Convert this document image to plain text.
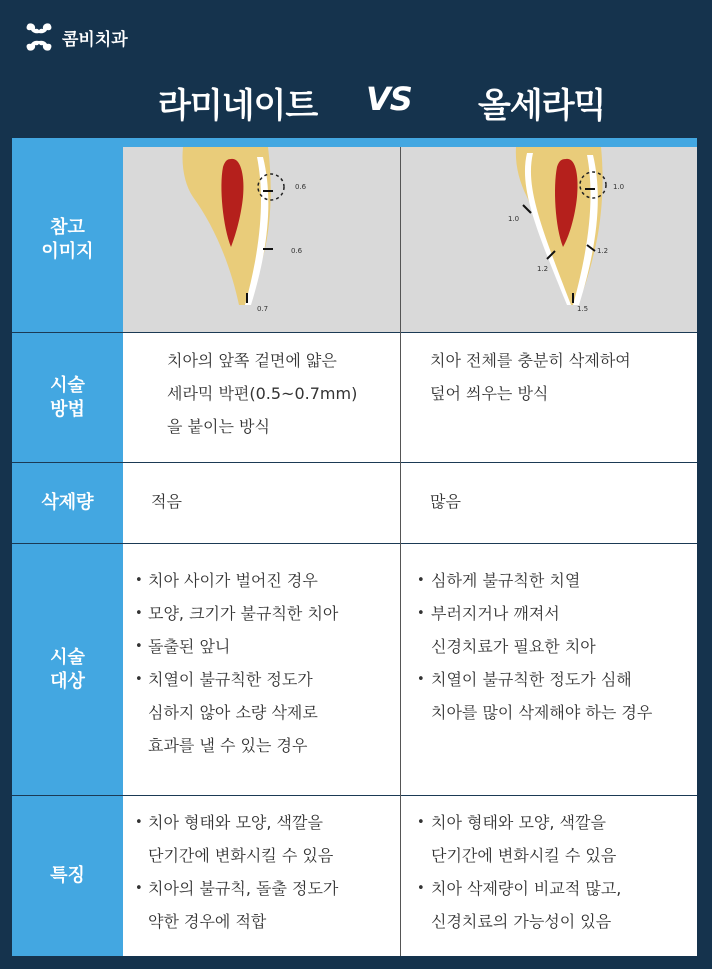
콤비치과
라미네이트 VS 올세라믹
참고
이미지
0.6
0.6
0.7
1.0
1.0
1.2
1.2
1.5
시술
방법
치아의 앞쪽 겉면에 얇은
세라믹 박편(0.5~0.7mm)
을 붙이는 방식
치아 전체를 충분히 삭제하여
덮어 씌우는 방식
삭제량	적음	많음
시술
대상
• 치아 사이가 벌어진 경우
• 모양, 크기가 불규칙한 치아
• 돌출된 앞니
• 치열이 불규칙한 정도가
심하지 않아 소량 삭제로
효과를 낼 수 있는 경우
• 심하게 불규칙한 치열
• 부러지거나 깨져서
신경치료가 필요한 치아
• 치열이 불규칙한 정도가 심해
치아를 많이 삭제해야 하는 경우
특징
• 치아 형태와 모양, 색깔을
단기간에 변화시킬 수 있음
• 치아의 불규칙, 돌출 정도가
약한 경우에 적합
• 치아 형태와 모양, 색깔을
단기간에 변화시킬 수 있음
• 치아 삭제량이 비교적 많고,
신경치료의 가능성이 있음
